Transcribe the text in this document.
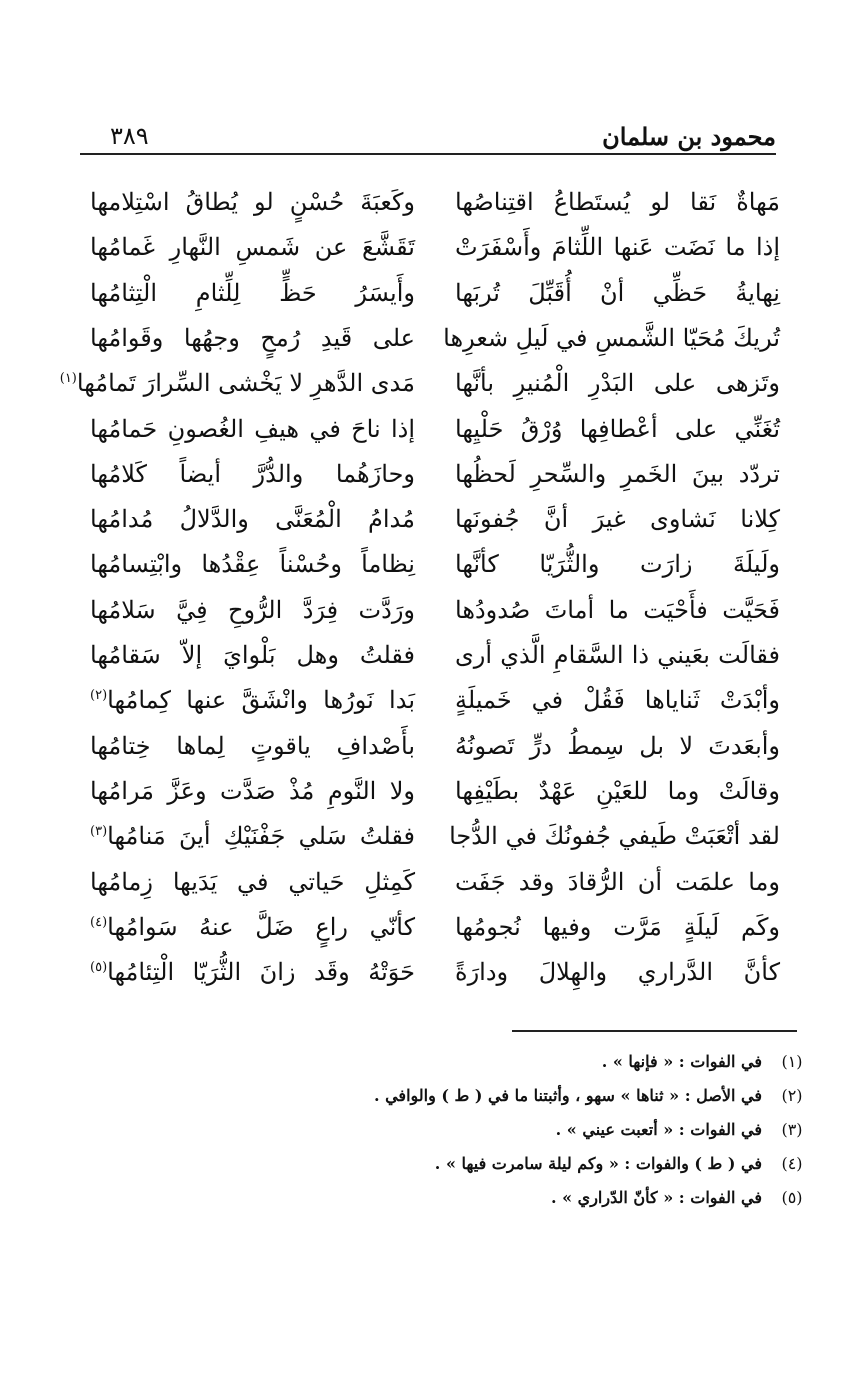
محمود بن سلمان
٣٨٩
مَهاةٌ نَقا لو يُستَطاعُ اقتِناصُها
وكَعبَةَ حُسْنٍ لو يُطاقُ اسْتِلامها
إذا ما نَضَت عَنها اللِّثامَ وأَسْفَرَتْ
تَقَشَّعَ عن شَمسِ النَّهارِ غَمامُها
نِهايةُ حَظِّي أنْ أُقَبِّلَ تُربَها
وأَيسَرُ حَظٍّ لِلِّثامِ الْتِثامُها
تُريكَ مُحَيّا الشَّمسِ في لَيلِ شعرِها
على قَيدِ رُمحٍ وجهُها وقَوامُها
وتَزهى على البَدْرِ الْمُنيرِ بأنَّها
مَدى الدَّهرِ لا يَخْشى السِّرارَ تَمامُها$^{(١)}$
تُغَنِّي على أعْطافِها وُرْقُ حَلْيِها
إذا ناحَ في هيفِ الغُصونِ حَمامُها
تردّد بينَ الخَمرِ والسِّحرِ لَحظُها
وحازَهُما والدُّرَّ أيضاً كَلامُها
كِلانا نَشاوى غيرَ أنَّ جُفونَها
مُدامُ الْمُعَنَّى والدَّلالُ مُدامُها
ولَيلَةَ زارَت والثُّرَيّا كأنَّها
نِظاماً وحُسْناً عِقْدُها وابْتِسامُها
فَحَيَّت فأَحْيَت ما أماتَ صُدودُها
ورَدَّت فِرَدَّ الرُّوحِ فِيَّ سَلامُها
فقالَت بعَيني ذا السَّقامِ الَّذي أرى
فقلتُ وهل بَلْوايَ إلاّ سَقامُها
وأبْدَتْ ثَناياها فَقُلْ في خَميلَةٍ
بَدا نَورُها وانْشَقَّ عنها كِمامُها$^{(٢)}$
وأبعَدتَ لا بل سِمطُ درٍّ تَصونُهُ
بأَصْدافِ ياقوتٍ لِماها خِتامُها
وقالَتْ وما للعَيْنِ عَهْدٌ بطَيْفِها
ولا النَّومِ مُذْ صَدَّت وعَزَّ مَرامُها
لقد أتْعَبَتْ طَيفي جُفونُكَ في الدُّجا
فقلتُ سَلي جَفْنَيْكِ أينَ مَنامُها$^{(٣)}$
وما علمَت أن الرُّقادَ وقد جَفَت
كَمِثلِ حَياتي في يَدَيها زِمامُها
وكَم لَيلَةٍ مَرَّت وفيها نُجومُها
كأنّي راعٍ ضَلَّ عنهُ سَوامُها$^{(٤)}$
كأنَّ الدَّراري والهِلالَ ودارَةً
حَوَتْهُ وقَد زانَ الثُّرَيّا الْتِئامُها$^{(٥)}$
(١)
في الفوات : « فإنها » .
(٢)
في الأصل : « ثناها » سهو ، وأثبتنا ما في ( ط ) والوافي .
(٣)
في الفوات : « أتعبت عيني » .
(٤)
في ( ط ) والفوات : « وكم ليلة سامرت فيها » .
(٥)
في الفوات : « كأنّ الدّراري » .
